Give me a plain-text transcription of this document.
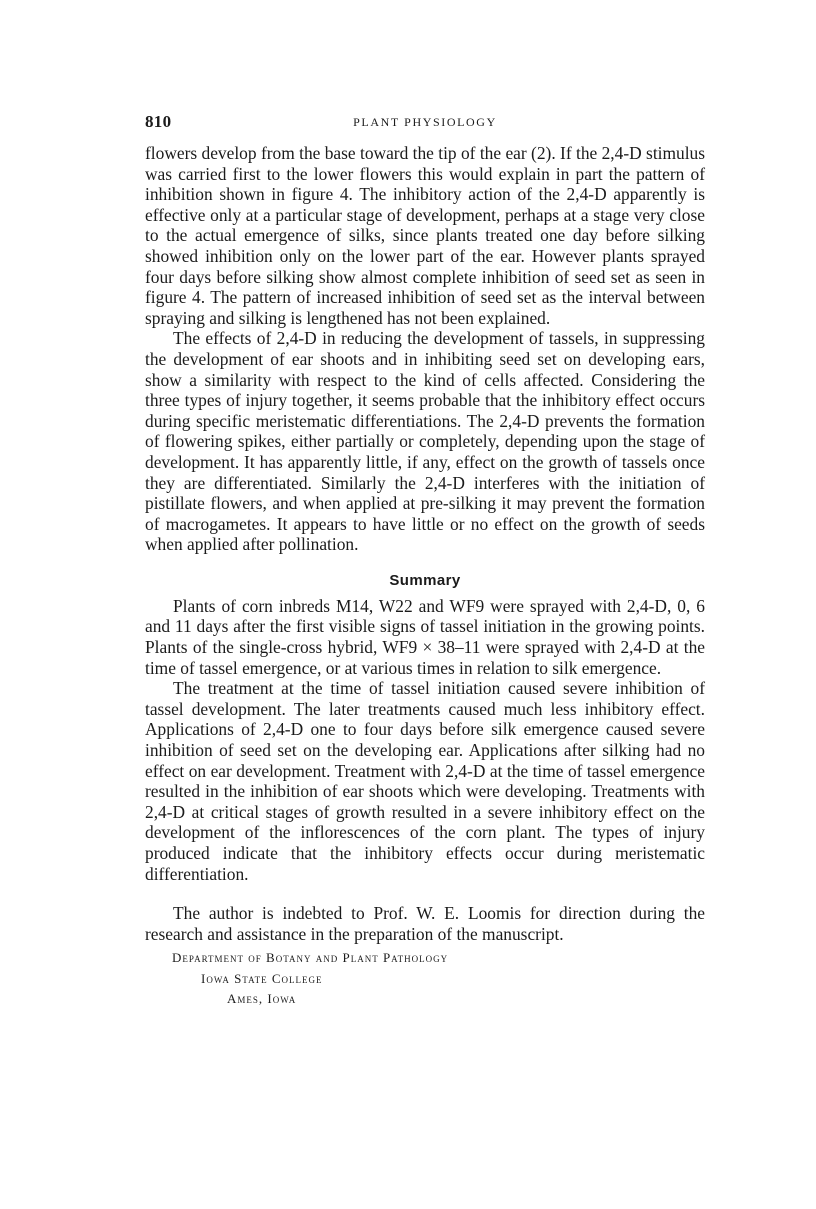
810	PLANT PHYSIOLOGY

flowers develop from the base toward the tip of the ear (2). If the 2,4-D stimulus was carried first to the lower flowers this would explain in part the pattern of inhibition shown in figure 4. The inhibitory action of the 2,4-D apparently is effective only at a particular stage of development, perhaps at a stage very close to the actual emergence of silks, since plants treated one day before silking showed inhibition only on the lower part of the ear. However plants sprayed four days before silking show almost complete inhibition of seed set as seen in figure 4. The pattern of increased inhibition of seed set as the interval between spraying and silking is lengthened has not been explained.

The effects of 2,4-D in reducing the development of tassels, in suppressing the development of ear shoots and in inhibiting seed set on developing ears, show a similarity with respect to the kind of cells affected. Considering the three types of injury together, it seems probable that the inhibitory effect occurs during specific meristematic differentiations. The 2,4-D prevents the formation of flowering spikes, either partially or completely, depending upon the stage of development. It has apparently little, if any, effect on the growth of tassels once they are differentiated. Similarly the 2,4-D interferes with the initiation of pistillate flowers, and when applied at pre-silking it may prevent the formation of macrogametes. It appears to have little or no effect on the growth of seeds when applied after pollination.

Summary

Plants of corn inbreds M14, W22 and WF9 were sprayed with 2,4-D, 0, 6 and 11 days after the first visible signs of tassel initiation in the growing points. Plants of the single-cross hybrid, WF9 × 38–11 were sprayed with 2,4-D at the time of tassel emergence, or at various times in relation to silk emergence.

The treatment at the time of tassel initiation caused severe inhibition of tassel development. The later treatments caused much less inhibitory effect. Applications of 2,4-D one to four days before silk emergence caused severe inhibition of seed set on the developing ear. Applications after silking had no effect on ear development. Treatment with 2,4-D at the time of tassel emergence resulted in the inhibition of ear shoots which were developing. Treatments with 2,4-D at critical stages of growth resulted in a severe inhibitory effect on the development of the inflorescences of the corn plant. The types of injury produced indicate that the inhibitory effects occur during meristematic differentiation.

The author is indebted to Prof. W. E. Loomis for direction during the research and assistance in the preparation of the manuscript.

Department of Botany and Plant Pathology
Iowa State College
Ames, Iowa
